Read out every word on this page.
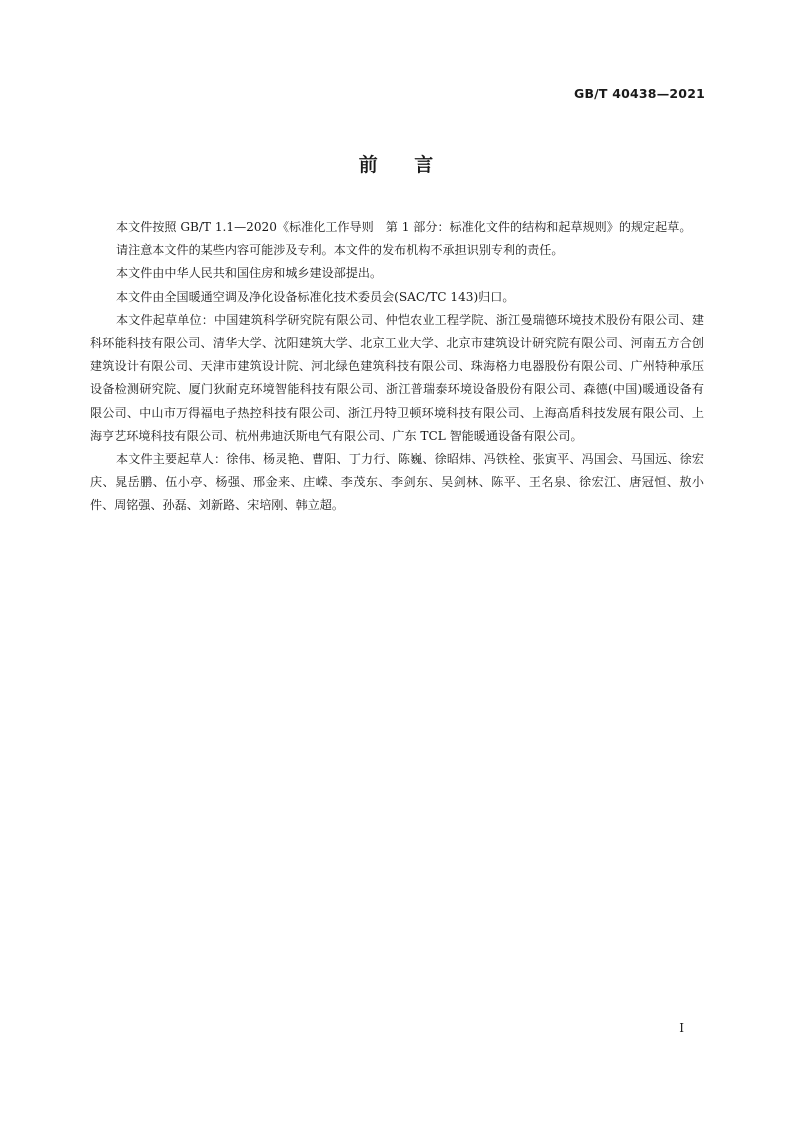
GB/T 40438—2021
前    言

本文件按照 GB/T 1.1—2020《标准化工作导则　第 1 部分：标准化文件的结构和起草规则》的规定起草。

请注意本文件的某些内容可能涉及专利。本文件的发布机构不承担识别专利的责任。

本文件由中华人民共和国住房和城乡建设部提出。

本文件由全国暖通空调及净化设备标准化技术委员会(SAC/TC 143)归口。

本文件起草单位：中国建筑科学研究院有限公司、仲恺农业工程学院、浙江曼瑞德环境技术股份有限公司、建科环能科技有限公司、清华大学、沈阳建筑大学、北京工业大学、北京市建筑设计研究院有限公司、河南五方合创建筑设计有限公司、天津市建筑设计院、河北绿色建筑科技有限公司、珠海格力电器股份有限公司、广州特种承压设备检测研究院、厦门狄耐克环境智能科技有限公司、浙江普瑞泰环境设备股份有限公司、森德(中国)暖通设备有限公司、中山市万得福电子热控科技有限公司、浙江丹特卫顿环境科技有限公司、上海高盾科技发展有限公司、上海亨艺环境科技有限公司、杭州弗迪沃斯电气有限公司、广东 TCL 智能暖通设备有限公司。

本文件主要起草人：徐伟、杨灵艳、曹阳、丁力行、陈巍、徐昭炜、冯铁栓、张寅平、冯国会、马国远、徐宏庆、晁岳鹏、伍小亭、杨强、邢金来、庄嵘、李茂东、李剑东、吴剑林、陈平、王名泉、徐宏江、唐冠恒、敖小件、周铭强、孙磊、刘新路、宋培刚、韩立超。

I
